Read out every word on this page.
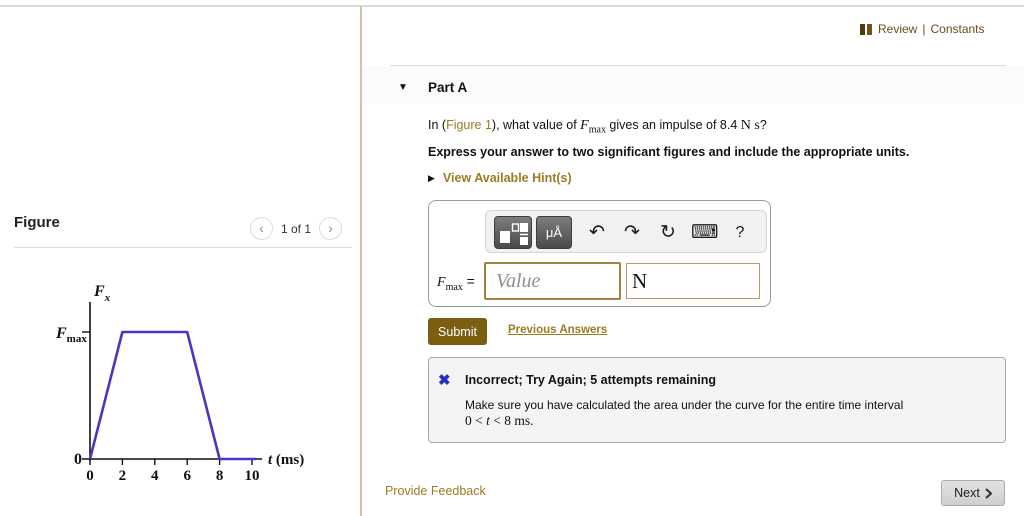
Review | Constants
Figure	‹	1 of 1	›
$F_x$
$F_{max}$
0
0 2 4 6 8 10
t (ms)
▼ Part A
In (Figure 1), what value of $F_{max}$ gives an impulse of 8.4 N s?
Express your answer to two significant figures and include the appropriate units.
▶ View Available Hint(s)
μÅ	↶ ↷ ↻ ⌨	?
$F_{max}$ =
Value
N
Submit	Previous Answers
✖ Incorrect; Try Again; 5 attempts remaining
Make sure you have calculated the area under the curve for the entire time interval
0 < t < 8 ms.
Provide Feedback	Next
